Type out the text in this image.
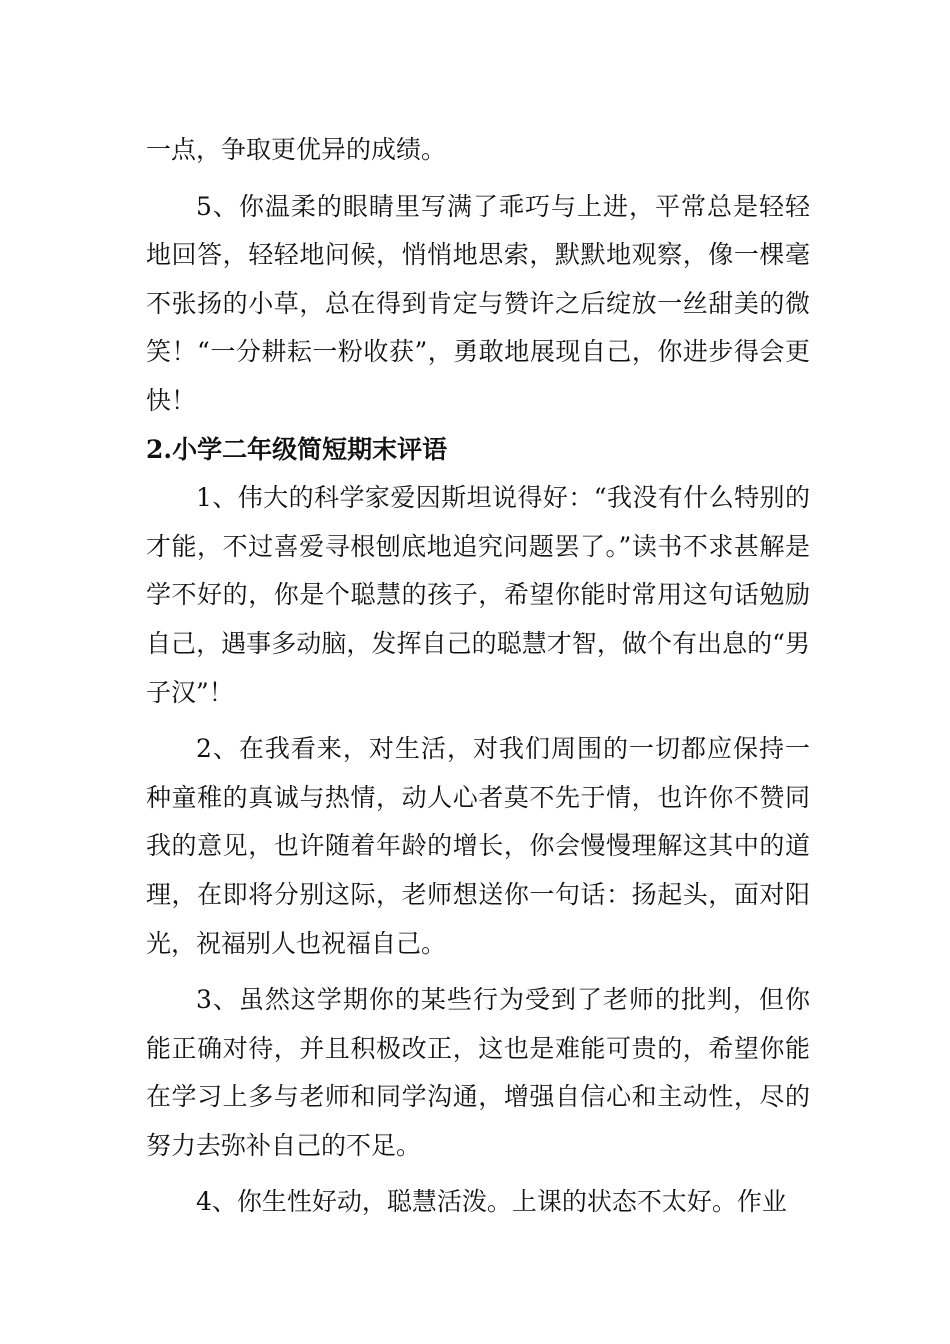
一点，争取更优异的成绩。

5、你温柔的眼睛里写满了乖巧与上进，平常总是轻轻地回答，轻轻地问候，悄悄地思索，默默地观察，像一棵毫不张扬的小草，总在得到肯定与赞许之后绽放一丝甜美的微笑！“一分耕耘一粉收获”，勇敢地展现自己，你进步得会更快！

2.小学二年级简短期末评语

1、伟大的科学家爱因斯坦说得好：“我没有什么特别的才能，不过喜爱寻根刨底地追究问题罢了。”读书不求甚解是学不好的，你是个聪慧的孩子，希望你能时常用这句话勉励自己，遇事多动脑，发挥自己的聪慧才智，做个有出息的“男子汉”！

2、在我看来，对生活，对我们周围的一切都应保持一种童稚的真诚与热情，动人心者莫不先于情，也许你不赞同我的意见，也许随着年龄的增长，你会慢慢理解这其中的道理，在即将分别这际，老师想送你一句话：扬起头，面对阳光，祝福别人也祝福自己。

3、虽然这学期你的某些行为受到了老师的批判，但你能正确对待，并且积极改正，这也是难能可贵的，希望你能在学习上多与老师和同学沟通，增强自信心和主动性，尽的努力去弥补自己的不足。

4、你生性好动，聪慧活泼。上课的状态不太好。作业
